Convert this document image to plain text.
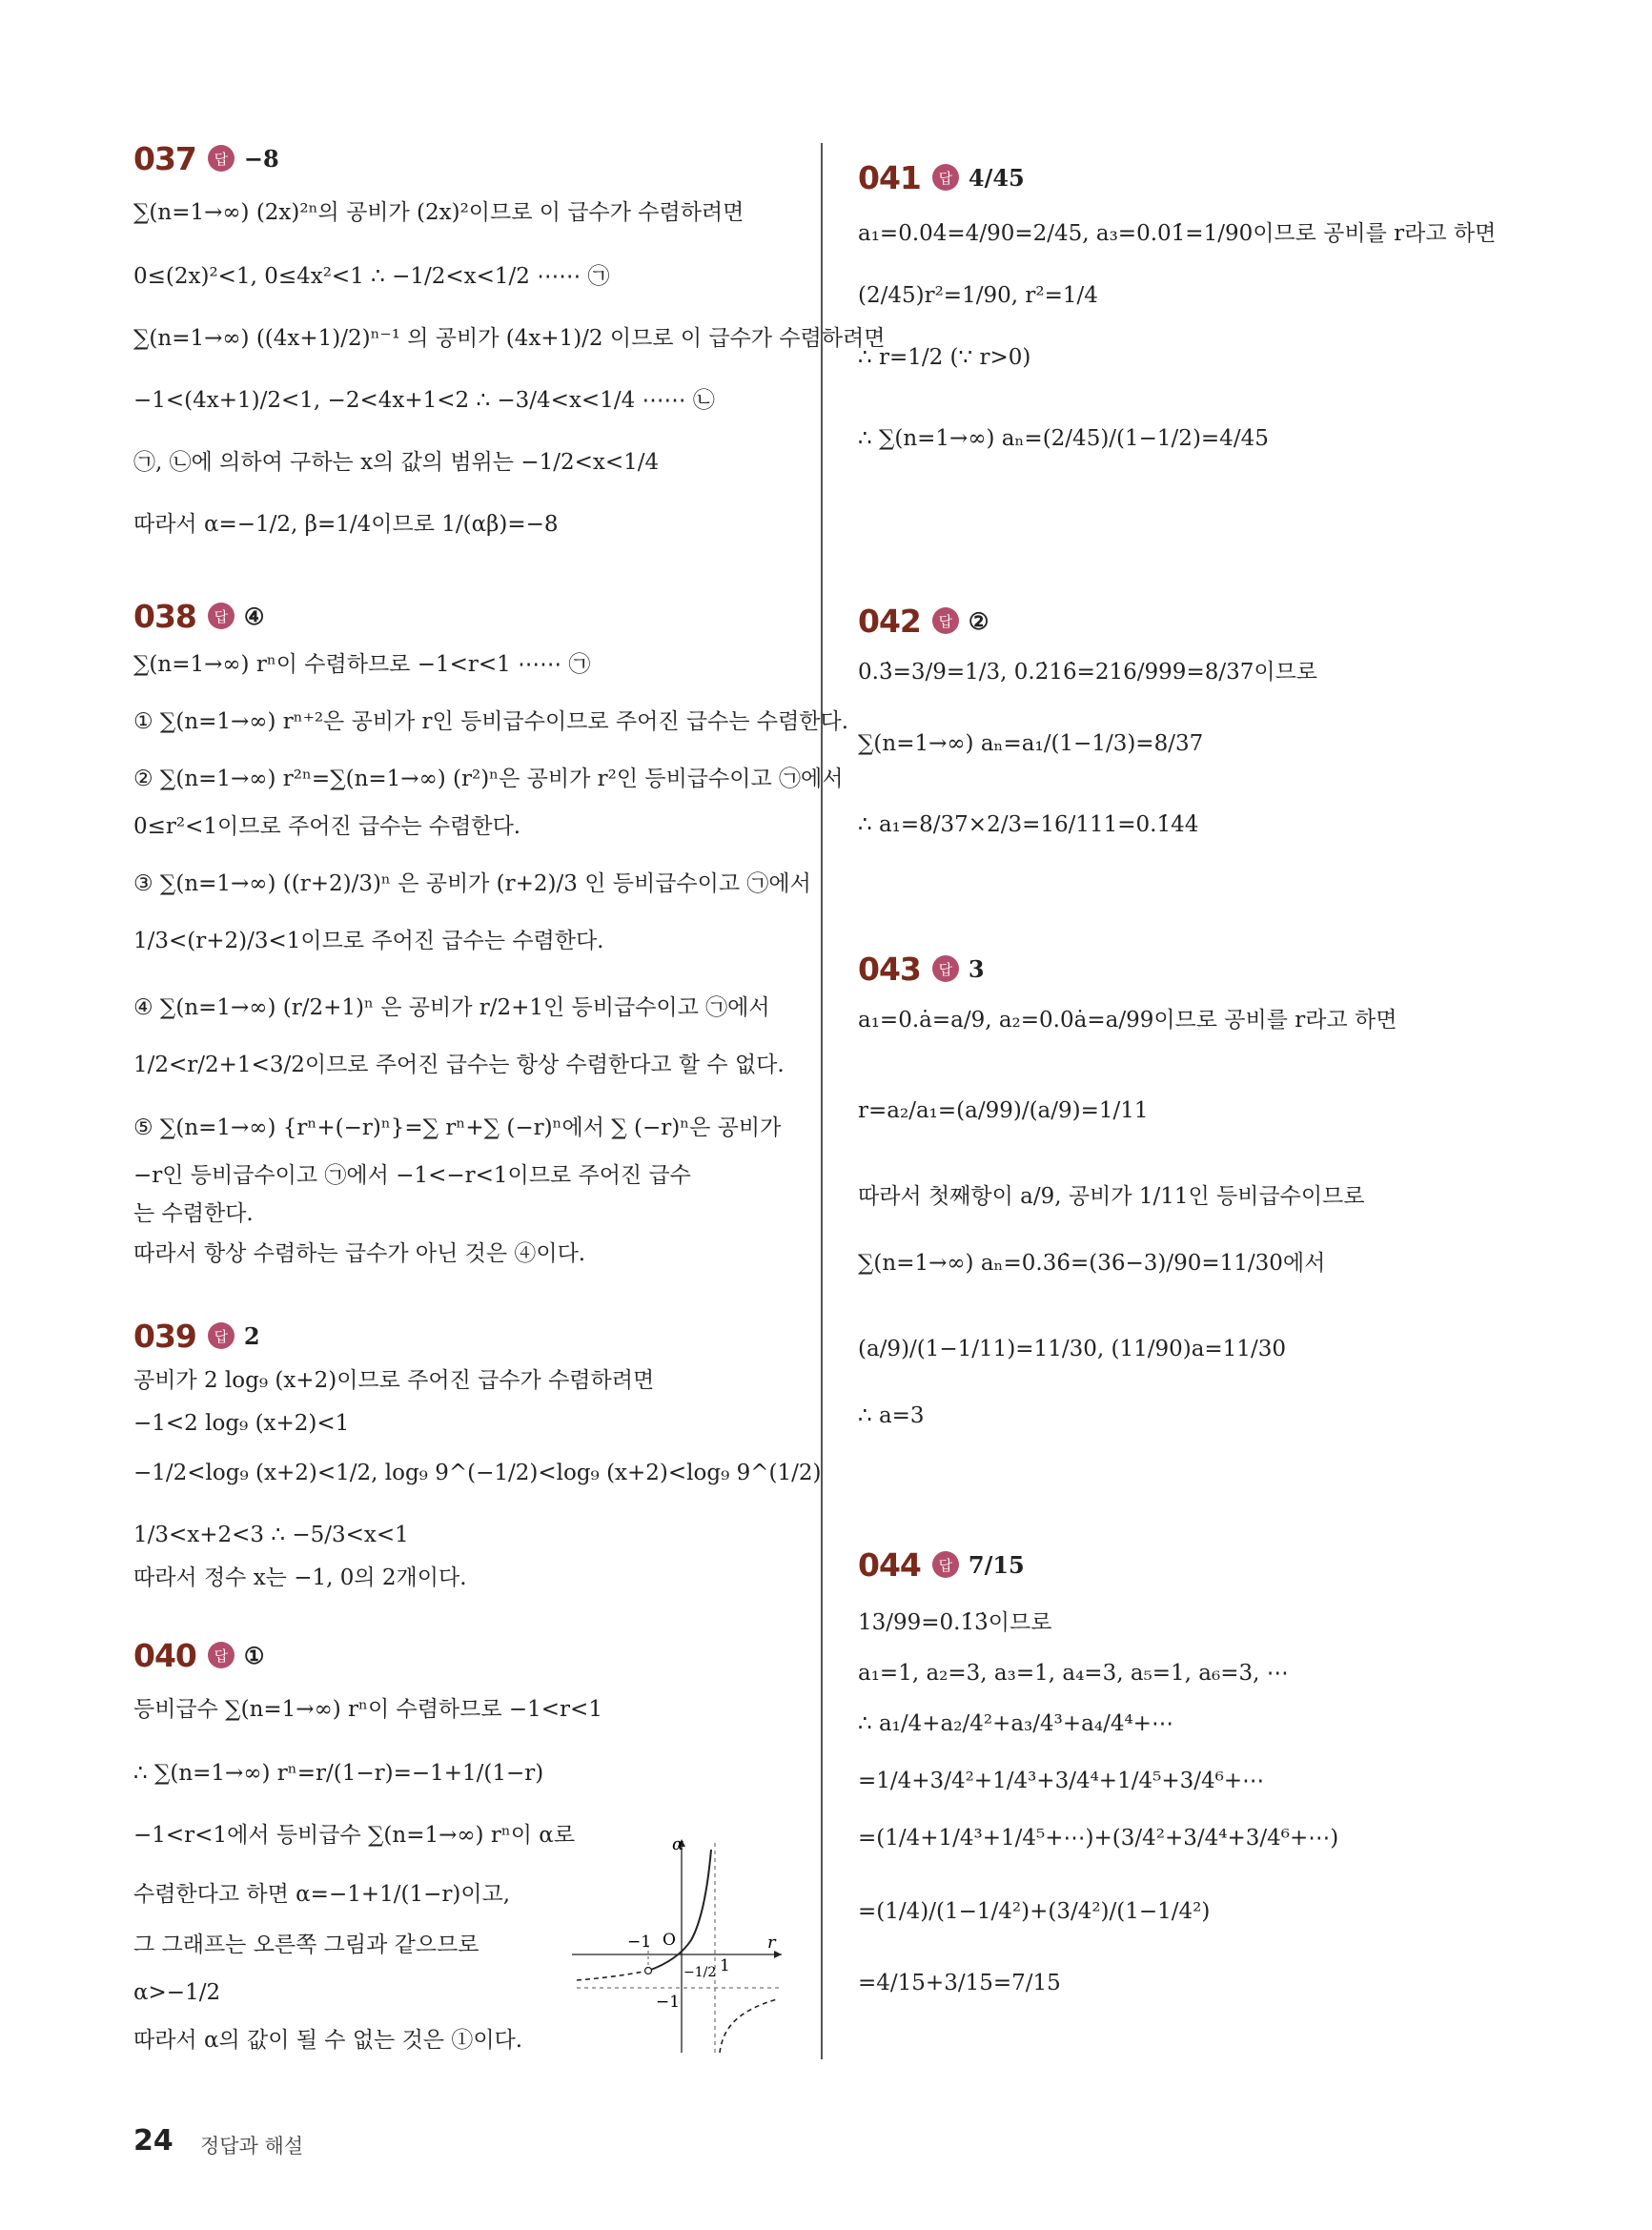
037	답 −8
∑(n=1→∞) (2x)²ⁿ의 공비가 (2x)²이므로 이 급수가 수렴하려면
0≤(2x)²<1, 0≤4x²<1 ∴ −1/2<x<1/2 ⋯⋯ ㉠
∑(n=1→∞) ((4x+1)/2)ⁿ⁻¹ 의 공비가 (4x+1)/2 이므로 이 급수가 수렴하려면
−1<(4x+1)/2<1, −2<4x+1<2 ∴ −3/4<x<1/4 ⋯⋯ ㉡
㉠, ㉡에 의하여 구하는 x의 값의 범위는 −1/2<x<1/4
따라서 α=−1/2, β=1/4이므로 1/(αβ)=−8
038	답 ④
∑(n=1→∞) rⁿ이 수렴하므로 −1<r<1 ⋯⋯ ㉠
① ∑(n=1→∞) rⁿ⁺²은 공비가 r인 등비급수이므로 주어진 급수는 수렴한다.
② ∑(n=1→∞) r²ⁿ=∑(n=1→∞) (r²)ⁿ은 공비가 r²인 등비급수이고 ㉠에서
0≤r²<1이므로 주어진 급수는 수렴한다.
③ ∑(n=1→∞) ((r+2)/3)ⁿ 은 공비가 (r+2)/3 인 등비급수이고 ㉠에서
1/3<(r+2)/3<1이므로 주어진 급수는 수렴한다.
④ ∑(n=1→∞) (r/2+1)ⁿ 은 공비가 r/2+1인 등비급수이고 ㉠에서
1/2<r/2+1<3/2이므로 주어진 급수는 항상 수렴한다고 할 수 없다.
⑤ ∑(n=1→∞) {rⁿ+(−r)ⁿ}=∑ rⁿ+∑ (−r)ⁿ에서 ∑ (−r)ⁿ은 공비가
−r인 등비급수이고 ㉠에서 −1<−r<1이므로 주어진 급수
는 수렴한다.
따라서 항상 수렴하는 급수가 아닌 것은 ④이다.
039	답 2
공비가 2 log₉ (x+2)이므로 주어진 급수가 수렴하려면
−1<2 log₉ (x+2)<1
−1/2<log₉ (x+2)<1/2, log₉ 9^(−1/2)<log₉ (x+2)<log₉ 9^(1/2)
1/3<x+2<3 ∴ −5/3<x<1
따라서 정수 x는 −1, 0의 2개이다.
040	답 ①
등비급수 ∑(n=1→∞) rⁿ이 수렴하므로 −1<r<1
∴ ∑(n=1→∞) rⁿ=r/(1−r)=−1+1/(1−r)
−1<r<1에서 등비급수 ∑(n=1→∞) rⁿ이 α로
수렴한다고 하면 α=−1+1/(1−r)이고,
그 그래프는 오른쪽 그림과 같으므로
α>−1/2
따라서 α의 값이 될 수 없는 것은 ①이다.
α
r
O
−1
1
−1
−1/2
041	답 4/45
a₁=0.04̇=4/90=2/45, a₃=0.01̇=1/90이므로 공비를 r라고 하면
(2/45)r²=1/90, r²=1/4
∴ r=1/2 (∵ r>0)
∴ ∑(n=1→∞) aₙ=(2/45)/(1−1/2)=4/45
042	답 ②
0.3̇=3/9=1/3, 0.2̇16̇=216/999=8/37이므로
∑(n=1→∞) aₙ=a₁/(1−1/3)=8/37
∴ a₁=8/37×2/3=16/111=0.1̇44̇
043	답 3
a₁=0.ȧ=a/9, a₂=0.0ȧ=a/99이므로 공비를 r라고 하면
r=a₂/a₁=(a/99)/(a/9)=1/11
따라서 첫째항이 a/9, 공비가 1/11인 등비급수이므로
∑(n=1→∞) aₙ=0.36̇=(36−3)/90=11/30에서
(a/9)/(1−1/11)=11/30, (11/90)a=11/30
∴ a=3
044	답 7/15
13/99=0.1̇3̇이므로
a₁=1, a₂=3, a₃=1, a₄=3, a₅=1, a₆=3, ⋯
∴ a₁/4+a₂/4²+a₃/4³+a₄/4⁴+⋯
=1/4+3/4²+1/4³+3/4⁴+1/4⁵+3/4⁶+⋯
=(1/4+1/4³+1/4⁵+⋯)+(3/4²+3/4⁴+3/4⁶+⋯)
=(1/4)/(1−1/4²)+(3/4²)/(1−1/4²)
=4/15+3/15=7/15
24 정답과 해설
